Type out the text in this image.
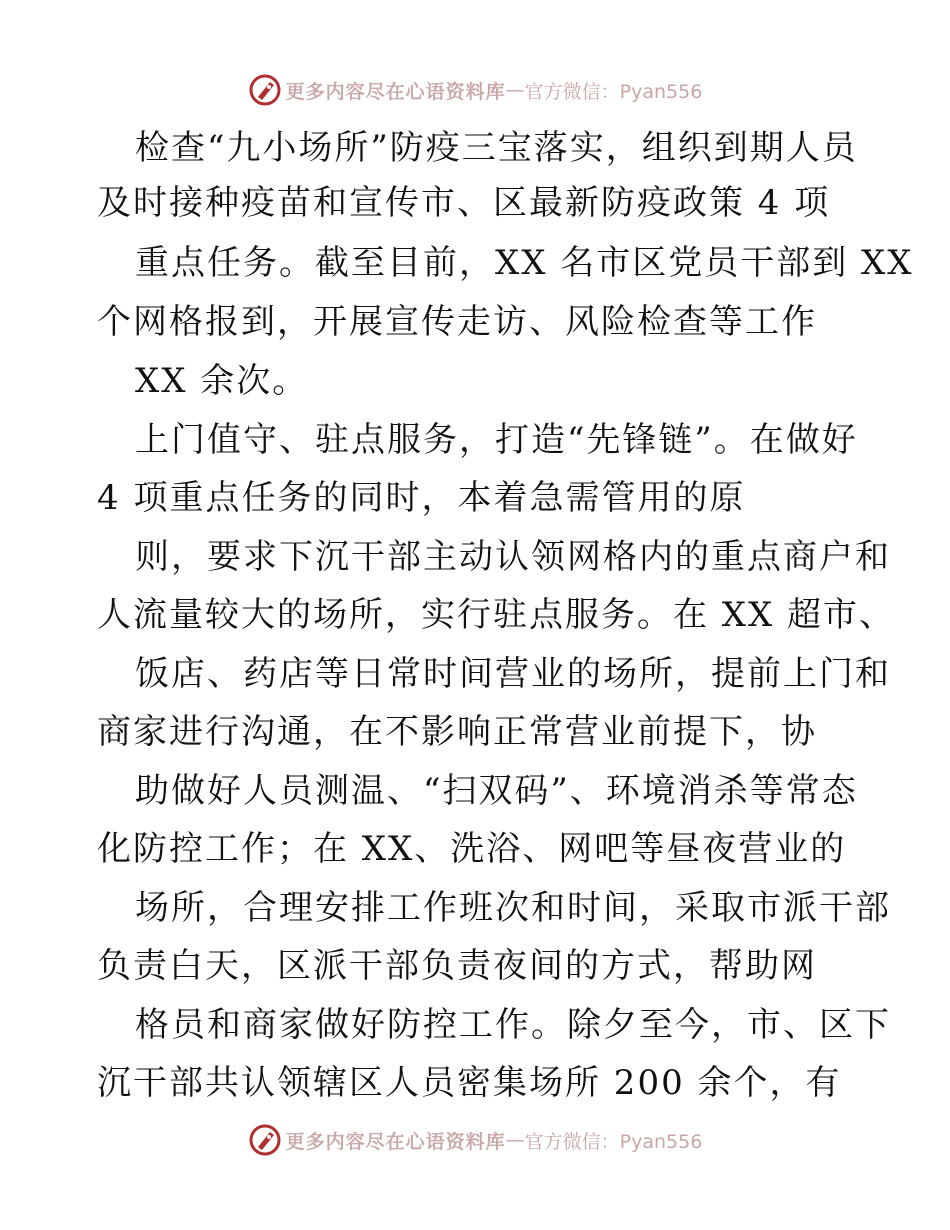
更多内容尽在心语资料库 — 官方微信：Pyan556
检查“九小场所”防疫三宝落实，组织到期人员
及时接种疫苗和宣传市、区最新防疫政策 4 项
重点任务。截至目前，XX 名市区党员干部到 XX
个网格报到，开展宣传走访、风险检查等工作
XX 余次。
上门值守、驻点服务，打造“先锋链”。在做好
4 项重点任务的同时，本着急需管用的原
则，要求下沉干部主动认领网格内的重点商户和
人流量较大的场所，实行驻点服务。在 XX 超市、
饭店、药店等日常时间营业的场所，提前上门和
商家进行沟通，在不影响正常营业前提下，协
助做好人员测温、“扫双码”、环境消杀等常态
化防控工作；在 XX、洗浴、网吧等昼夜营业的
场所，合理安排工作班次和时间，采取市派干部
负责白天，区派干部负责夜间的方式，帮助网
格员和商家做好防控工作。除夕至今，市、区下
沉干部共认领辖区人员密集场所 200 余个，有
更多内容尽在心语资料库 — 官方微信：Pyan556
